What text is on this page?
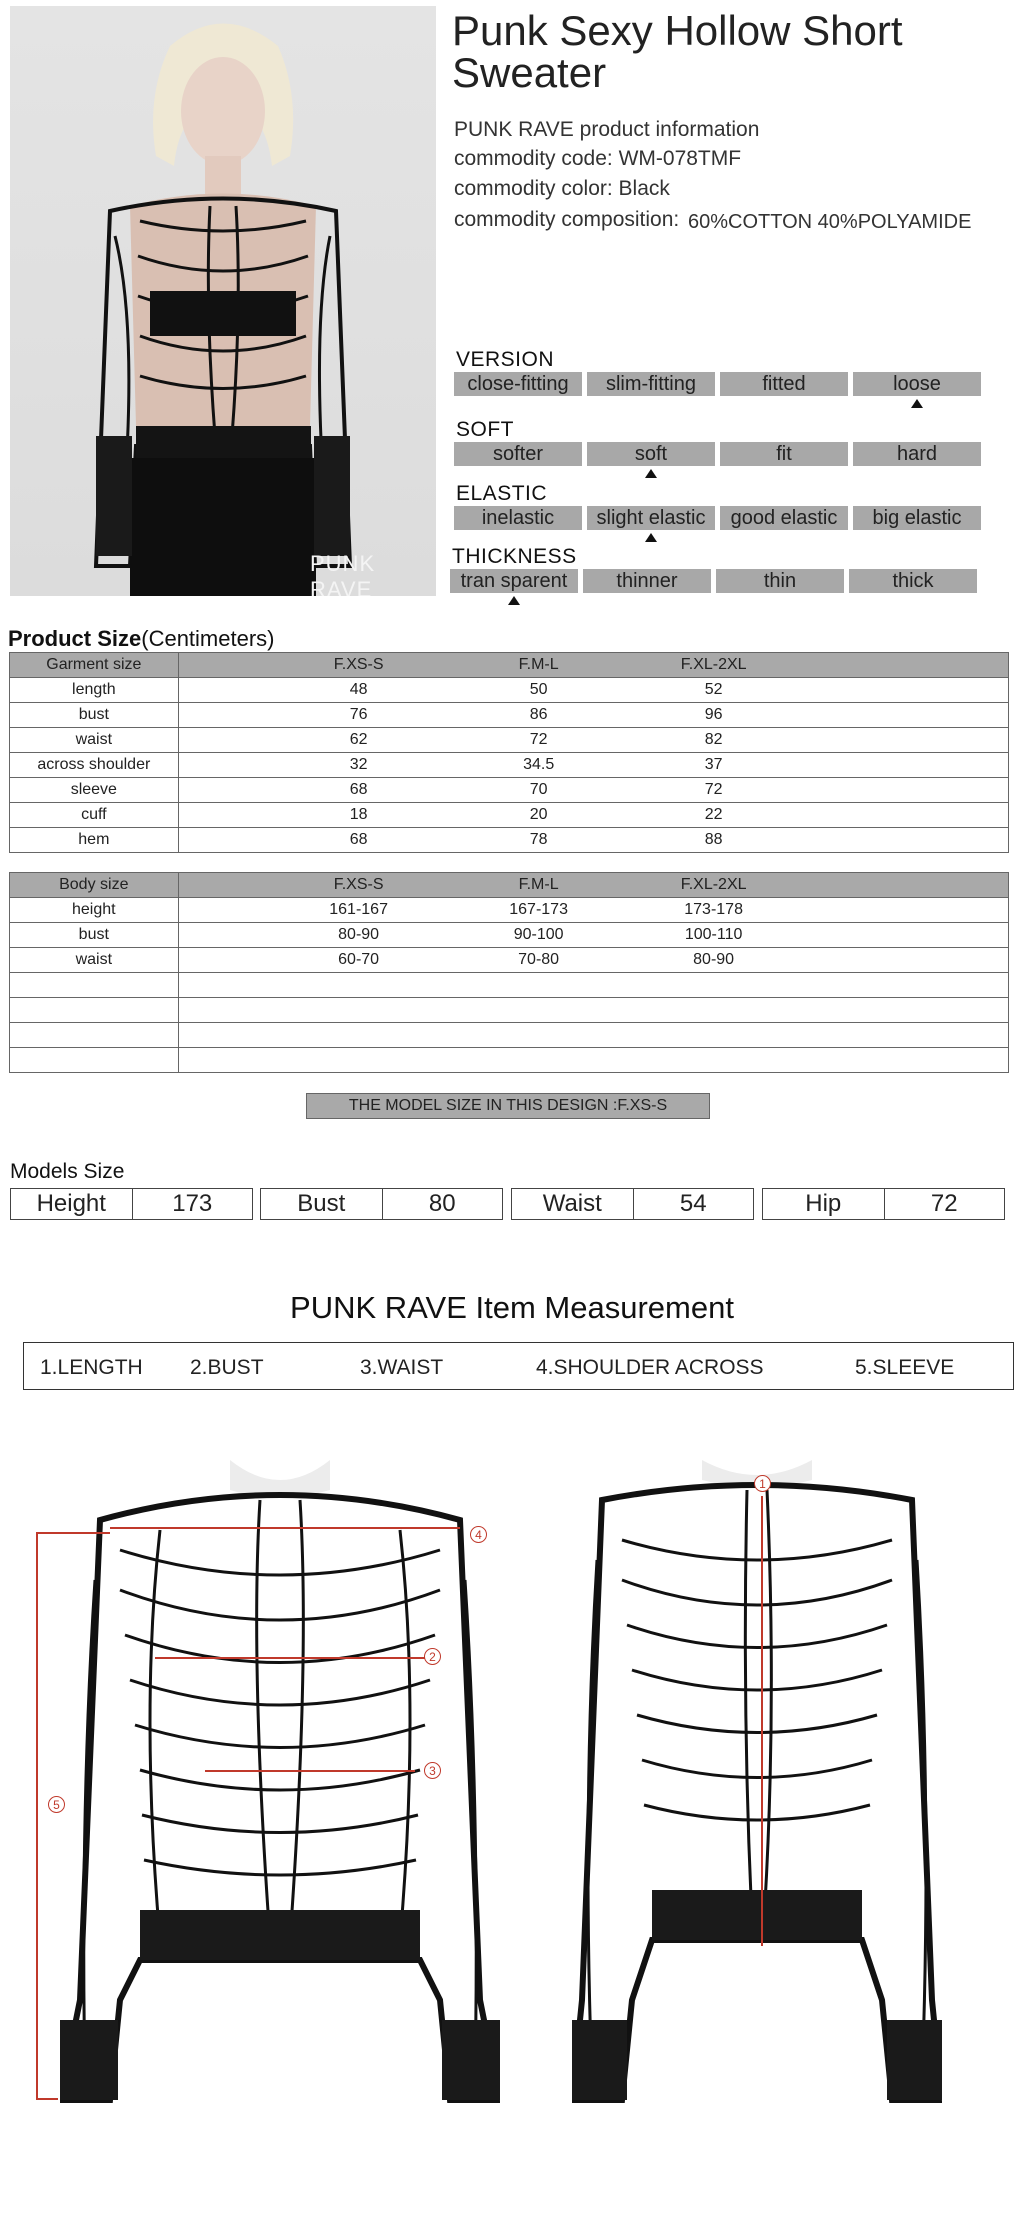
PUNK RAVE
Punk Sexy Hollow Short Sweater
PUNK RAVE product information
commodity code: WM-078TMF
commodity color: Black
commodity composition: 60%COTTON 40%POLYAMIDE
VERSION
close-fitting	slim-fitting	fitted	loose
SOFT
softer	soft	fit	hard
ELASTIC
inelastic	slight elastic	good elastic	big elastic
THICKNESS
tran sparent	thinner	thin	thick
Product Size(Centimeters)
Garment size	F.XS-S F.M-L F.XL-2XL

length	48 50 52

bust	76 86 96

waist	62 72 82

across shoulder	32 34.5 37

sleeve	68 70 72

cuff	18 20 22

hem	68 78 88
Body size	F.XS-S F.M-L F.XL-2XL

height	161-167 167-173 173-178

bust	80-90 90-100 100-110

waist	60-70 70-80 80-90

THE MODEL SIZE IN THIS DESIGN :F.XS-S
Models Size
Height	173	Bust	80	Waist	54	Hip	72
PUNK RAVE Item Measurement
1.LENGTH 2.BUST	3.WAIST	4.SHOULDER ACROSS	5.SLEEVE
1
2
3
4
5
